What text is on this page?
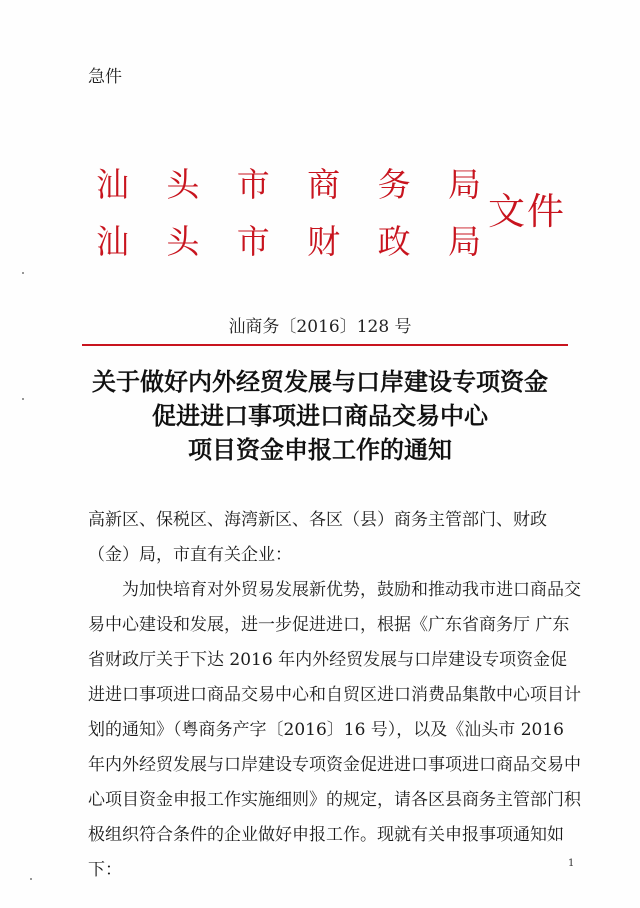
急件
汕 头 市 商 务 局
汕 头 市 财 政 局
文件
汕商务〔2016〕128 号
关于做好内外经贸发展与口岸建设专项资金
促进进口事项进口商品交易中心
项目资金申报工作的通知

高新区、保税区、海湾新区、各区（县）商务主管部门、财政（金）局，市直有关企业：

为加快培育对外贸易发展新优势，鼓励和推动我市进口商品交易中心建设和发展，进一步促进进口，根据《广东省商务厅 广东省财政厅关于下达 2016 年内外经贸发展与口岸建设专项资金促进进口事项进口商品交易中心和自贸区进口消费品集散中心项目计划的通知》（粤商务产字〔2016〕16 号），以及《汕头市 2016 年内外经贸发展与口岸建设专项资金促进进口事项进口商品交易中心项目资金申报工作实施细则》的规定，请各区县商务主管部门积极组织符合条件的企业做好申报工作。现就有关申报事项通知如下：	1
